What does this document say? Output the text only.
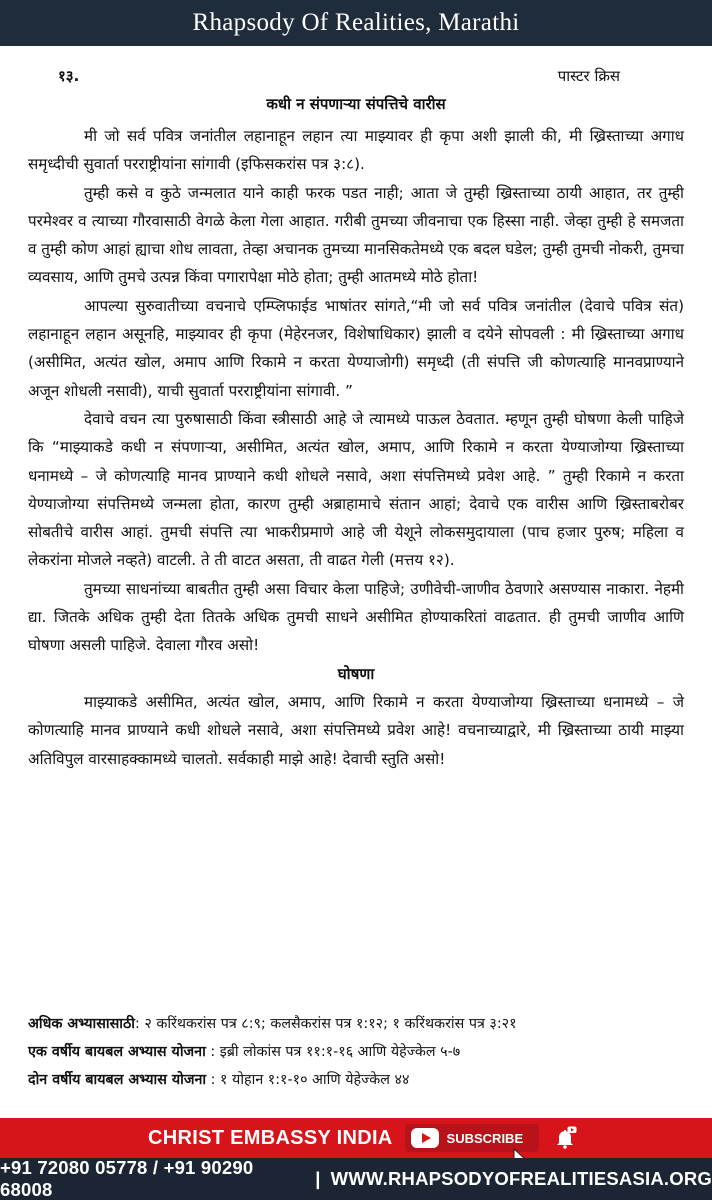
Rhapsody Of Realities, Marathi
१३.	पास्टर क्रिस
कधी न संपणाऱ्या संपत्तिचे वारीस

मी जो सर्व पवित्र जनांतील लहानाहून लहान त्या माझ्यावर ही कृपा अशी झाली की, मी ख्रिस्ताच्या अगाध समृध्दीची सुवार्ता परराष्ट्रीयांना सांगावी (इफिसकरांस पत्र ३:८).

तुम्ही कसे व कुठे जन्मलात याने काही फरक पडत नाही; आता जे तुम्ही ख्रिस्ताच्या ठायी आहात, तर तुम्ही परमेश्वर व त्याच्या गौरवासाठी वेगळे केला गेला आहात. गरीबी तुमच्या जीवनाचा एक हिस्सा नाही. जेव्हा तुम्ही हे समजता व तुम्ही कोण आहां ह्याचा शोध लावता, तेव्हा अचानक तुमच्या मानसिकतेमध्ये एक बदल घडेल; तुम्ही तुमची नोकरी, तुमचा व्यवसाय, आणि तुमचे उत्पन्न किंवा पगारापेक्षा मोठे होता; तुम्ही आतमध्ये मोठे होता!

आपल्या सुरुवातीच्या वचनाचे एम्प्लिफाईड भाषांतर सांगते,“मी जो सर्व पवित्र जनांतील (देवाचे पवित्र संत) लहानाहून लहान असूनहि, माझ्यावर ही कृपा (मेहेरनजर, विशेषाधिकार) झाली व दयेने सोपवली : मी ख्रिस्ताच्या अगाध (असीमित, अत्यंत खोल, अमाप आणि रिकामे न करता येण्याजोगी) समृध्दी (ती संपत्ति जी कोणत्याहि मानवप्राण्याने अजून शोधली नसावी), याची सुवार्ता परराष्ट्रीयांना सांगावी. ”

देवाचे वचन त्या पुरुषासाठी किंवा स्त्रीसाठी आहे जे त्यामध्ये पाऊल ठेवतात. म्हणून तुम्ही घोषणा केली पाहिजे कि “माझ्याकडे कधी न संपणाऱ्या, असीमित, अत्यंत खोल, अमाप, आणि रिकामे न करता येण्याजोग्या ख्रिस्ताच्या धनामध्ये – जे कोणत्याहि मानव प्राण्याने कधी शोधले नसावे, अशा संपत्तिमध्ये प्रवेश आहे. ” तुम्ही रिकामे न करता येण्याजोग्या संपत्तिमध्ये जन्मला होता, कारण तुम्ही अब्राहामाचे संतान आहां; देवाचे एक वारीस आणि ख्रिस्ताबरोबर सोबतीचे वारीस आहां. तुमची संपत्ति त्या भाकरीप्रमाणे आहे जी येशूने लोकसमुदायाला (पाच हजार पुरुष; महिला व लेकरांना मोजले नव्हते) वाटली. ते ती वाटत असता, ती वाढत गेली (मत्तय १२).

तुमच्या साधनांच्या बाबतीत तुम्ही असा विचार केला पाहिजे; उणीवेची-जाणीव ठेवणारे असण्यास नाकारा. नेहमी द्या. जितके अधिक तुम्ही देता तितके अधिक तुमची साधने असीमित होण्याकरितां वाढतात. ही तुमची जाणीव आणि घोषणा असली पाहिजे. देवाला गौरव असो!

घोषणा

माझ्याकडे असीमित, अत्यंत खोल, अमाप, आणि रिकामे न करता येण्याजोग्या ख्रिस्ताच्या धनामध्ये – जे कोणत्याहि मानव प्राण्याने कधी शोधले नसावे, अशा संपत्तिमध्ये प्रवेश आहे! वचनाच्याद्वारे, मी ख्रिस्ताच्या ठायी माझ्या अतिविपुल वारसाहक्कामध्ये चालतो. सर्वकाही माझे आहे! देवाची स्तुति असो!

अधिक अभ्यासासाठी: २ करिंथकरांस पत्र ८:९; कलसैकरांस पत्र १:१२; १ करिंथकरांस पत्र ३:२१
एक वर्षीय बायबल अभ्यास योजना : इब्री लोकांस पत्र ११:१-१६ आणि येहेज्केल ५-७
दोन वर्षीय बायबल अभ्यास योजना : १ योहान १:१-१० आणि येहेज्केल ४४
CHRIST EMBASSY INDIA	SUBSCRIBE
+91 72080 05778 / +91 90290 68008
| WWW.RHAPSODYOFREALITIESASIA.ORG
